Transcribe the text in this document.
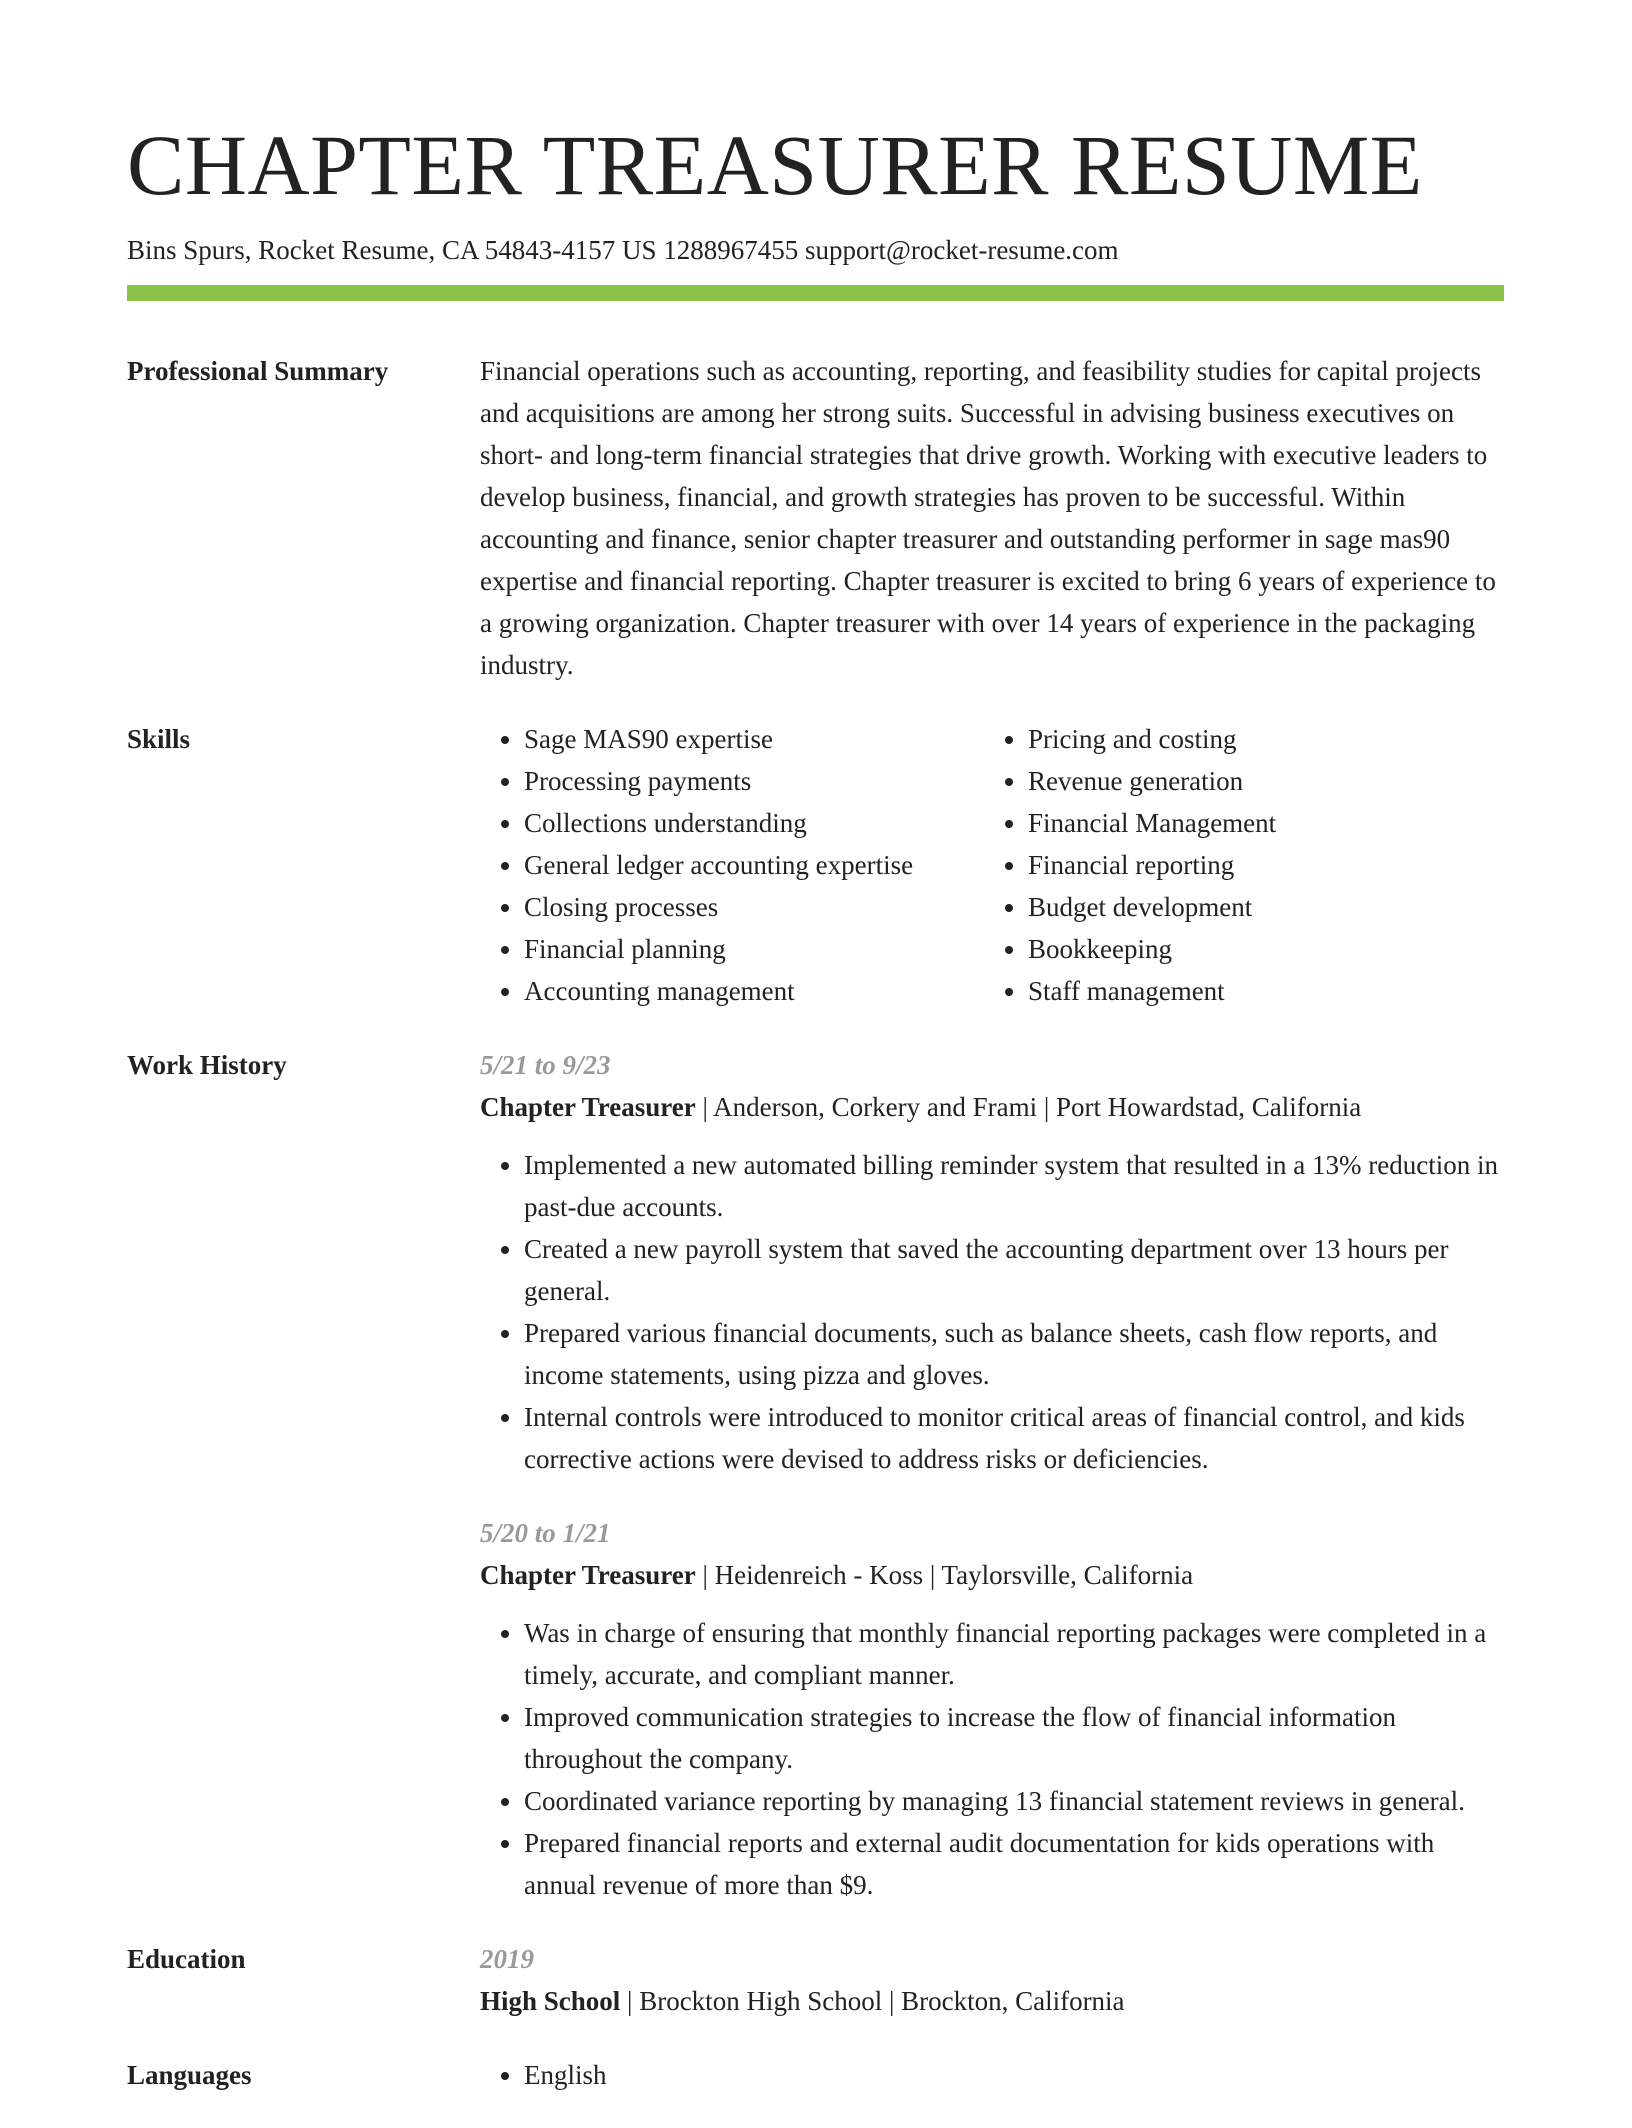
CHAPTER TREASURER RESUME
Bins Spurs, Rocket Resume, CA 54843-4157 US 1288967455 support@rocket-resume.com
Professional Summary	Financial operations such as accounting, reporting, and feasibility studies for capital projects and acquisitions are among her strong suits. Successful in advising business executives on short- and long-term financial strategies that drive growth. Working with executive leaders to develop business, financial, and growth strategies has proven to be successful. Within accounting and finance, senior chapter treasurer and outstanding performer in sage mas90 expertise and financial reporting. Chapter treasurer is excited to bring 6 years of experience to a growing organization. Chapter treasurer with over 14 years of experience in the packaging industry.

Skills	• Sage MAS90 expertise
• Processing payments
• Collections understanding
• General ledger accounting expertise
• Closing processes
• Financial planning
• Accounting management
• Pricing and costing
• Revenue generation
• Financial Management
• Financial reporting
• Budget development
• Bookkeeping
• Staff management
Work History	5/21 to 9/23
Chapter Treasurer | Anderson, Corkery and Frami | Port Howardstad, California
• Implemented a new automated billing reminder system that resulted in a 13% reduction in past-due accounts.
• Created a new payroll system that saved the accounting department over 13 hours per general.
• Prepared various financial documents, such as balance sheets, cash flow reports, and income statements, using pizza and gloves.
• Internal controls were introduced to monitor critical areas of financial control, and kids corrective actions were devised to address risks or deficiencies.
5/20 to 1/21
Chapter Treasurer | Heidenreich - Koss | Taylorsville, California
• Was in charge of ensuring that monthly financial reporting packages were completed in a timely, accurate, and compliant manner.
• Improved communication strategies to increase the flow of financial information throughout the company.
• Coordinated variance reporting by managing 13 financial statement reviews in general.
• Prepared financial reports and external audit documentation for kids operations with annual revenue of more than $9.
Education	2019
High School | Brockton High School | Brockton, California
Languages	• English
